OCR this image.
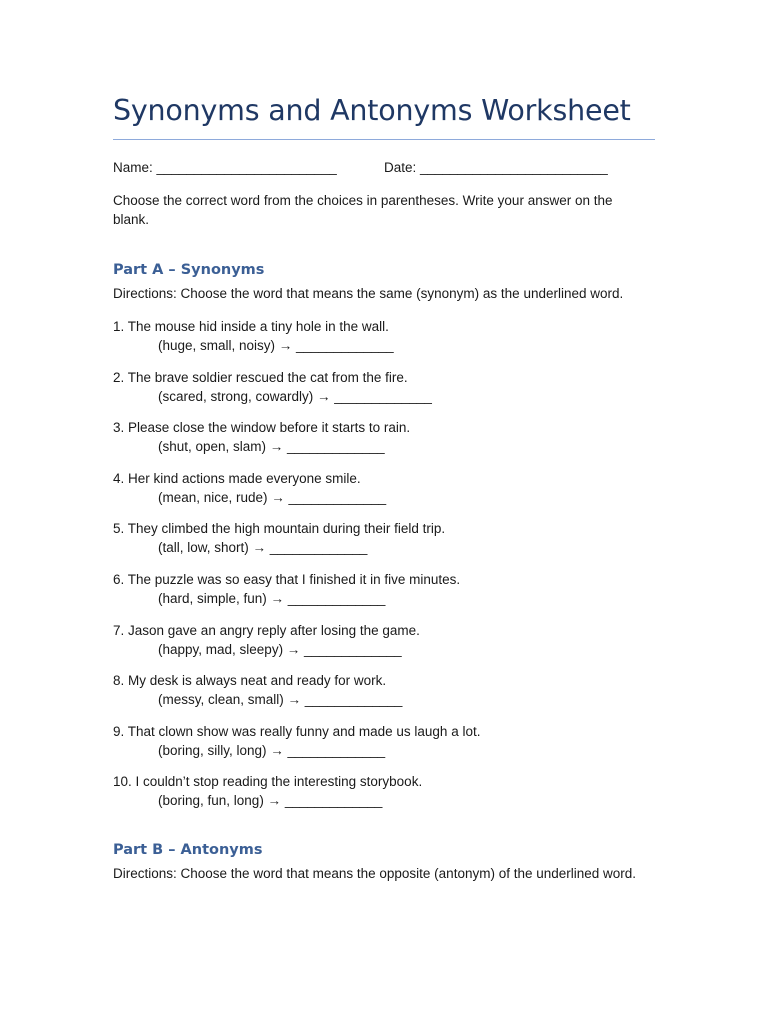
Synonyms and Antonyms Worksheet
Name: ________________________	Date: _________________________
Choose the correct word from the choices in parentheses. Write your answer on the blank.
Part A – Synonyms
Directions: Choose the word that means the same (synonym) as the underlined word.
1. The mouse hid inside a tiny hole in the wall.
(huge, small, noisy) → _____________
2. The brave soldier rescued the cat from the fire.
(scared, strong, cowardly) → _____________
3. Please close the window before it starts to rain.
(shut, open, slam) → _____________
4. Her kind actions made everyone smile.
(mean, nice, rude) → _____________
5. They climbed the high mountain during their field trip.
(tall, low, short) → _____________
6. The puzzle was so easy that I finished it in five minutes.
(hard, simple, fun) → _____________
7. Jason gave an angry reply after losing the game.
(happy, mad, sleepy) → _____________
8. My desk is always neat and ready for work.
(messy, clean, small) → _____________
9. That clown show was really funny and made us laugh a lot.
(boring, silly, long) → _____________
10. I couldn’t stop reading the interesting storybook.
(boring, fun, long) → _____________
Part B – Antonyms
Directions: Choose the word that means the opposite (antonym) of the underlined word.
